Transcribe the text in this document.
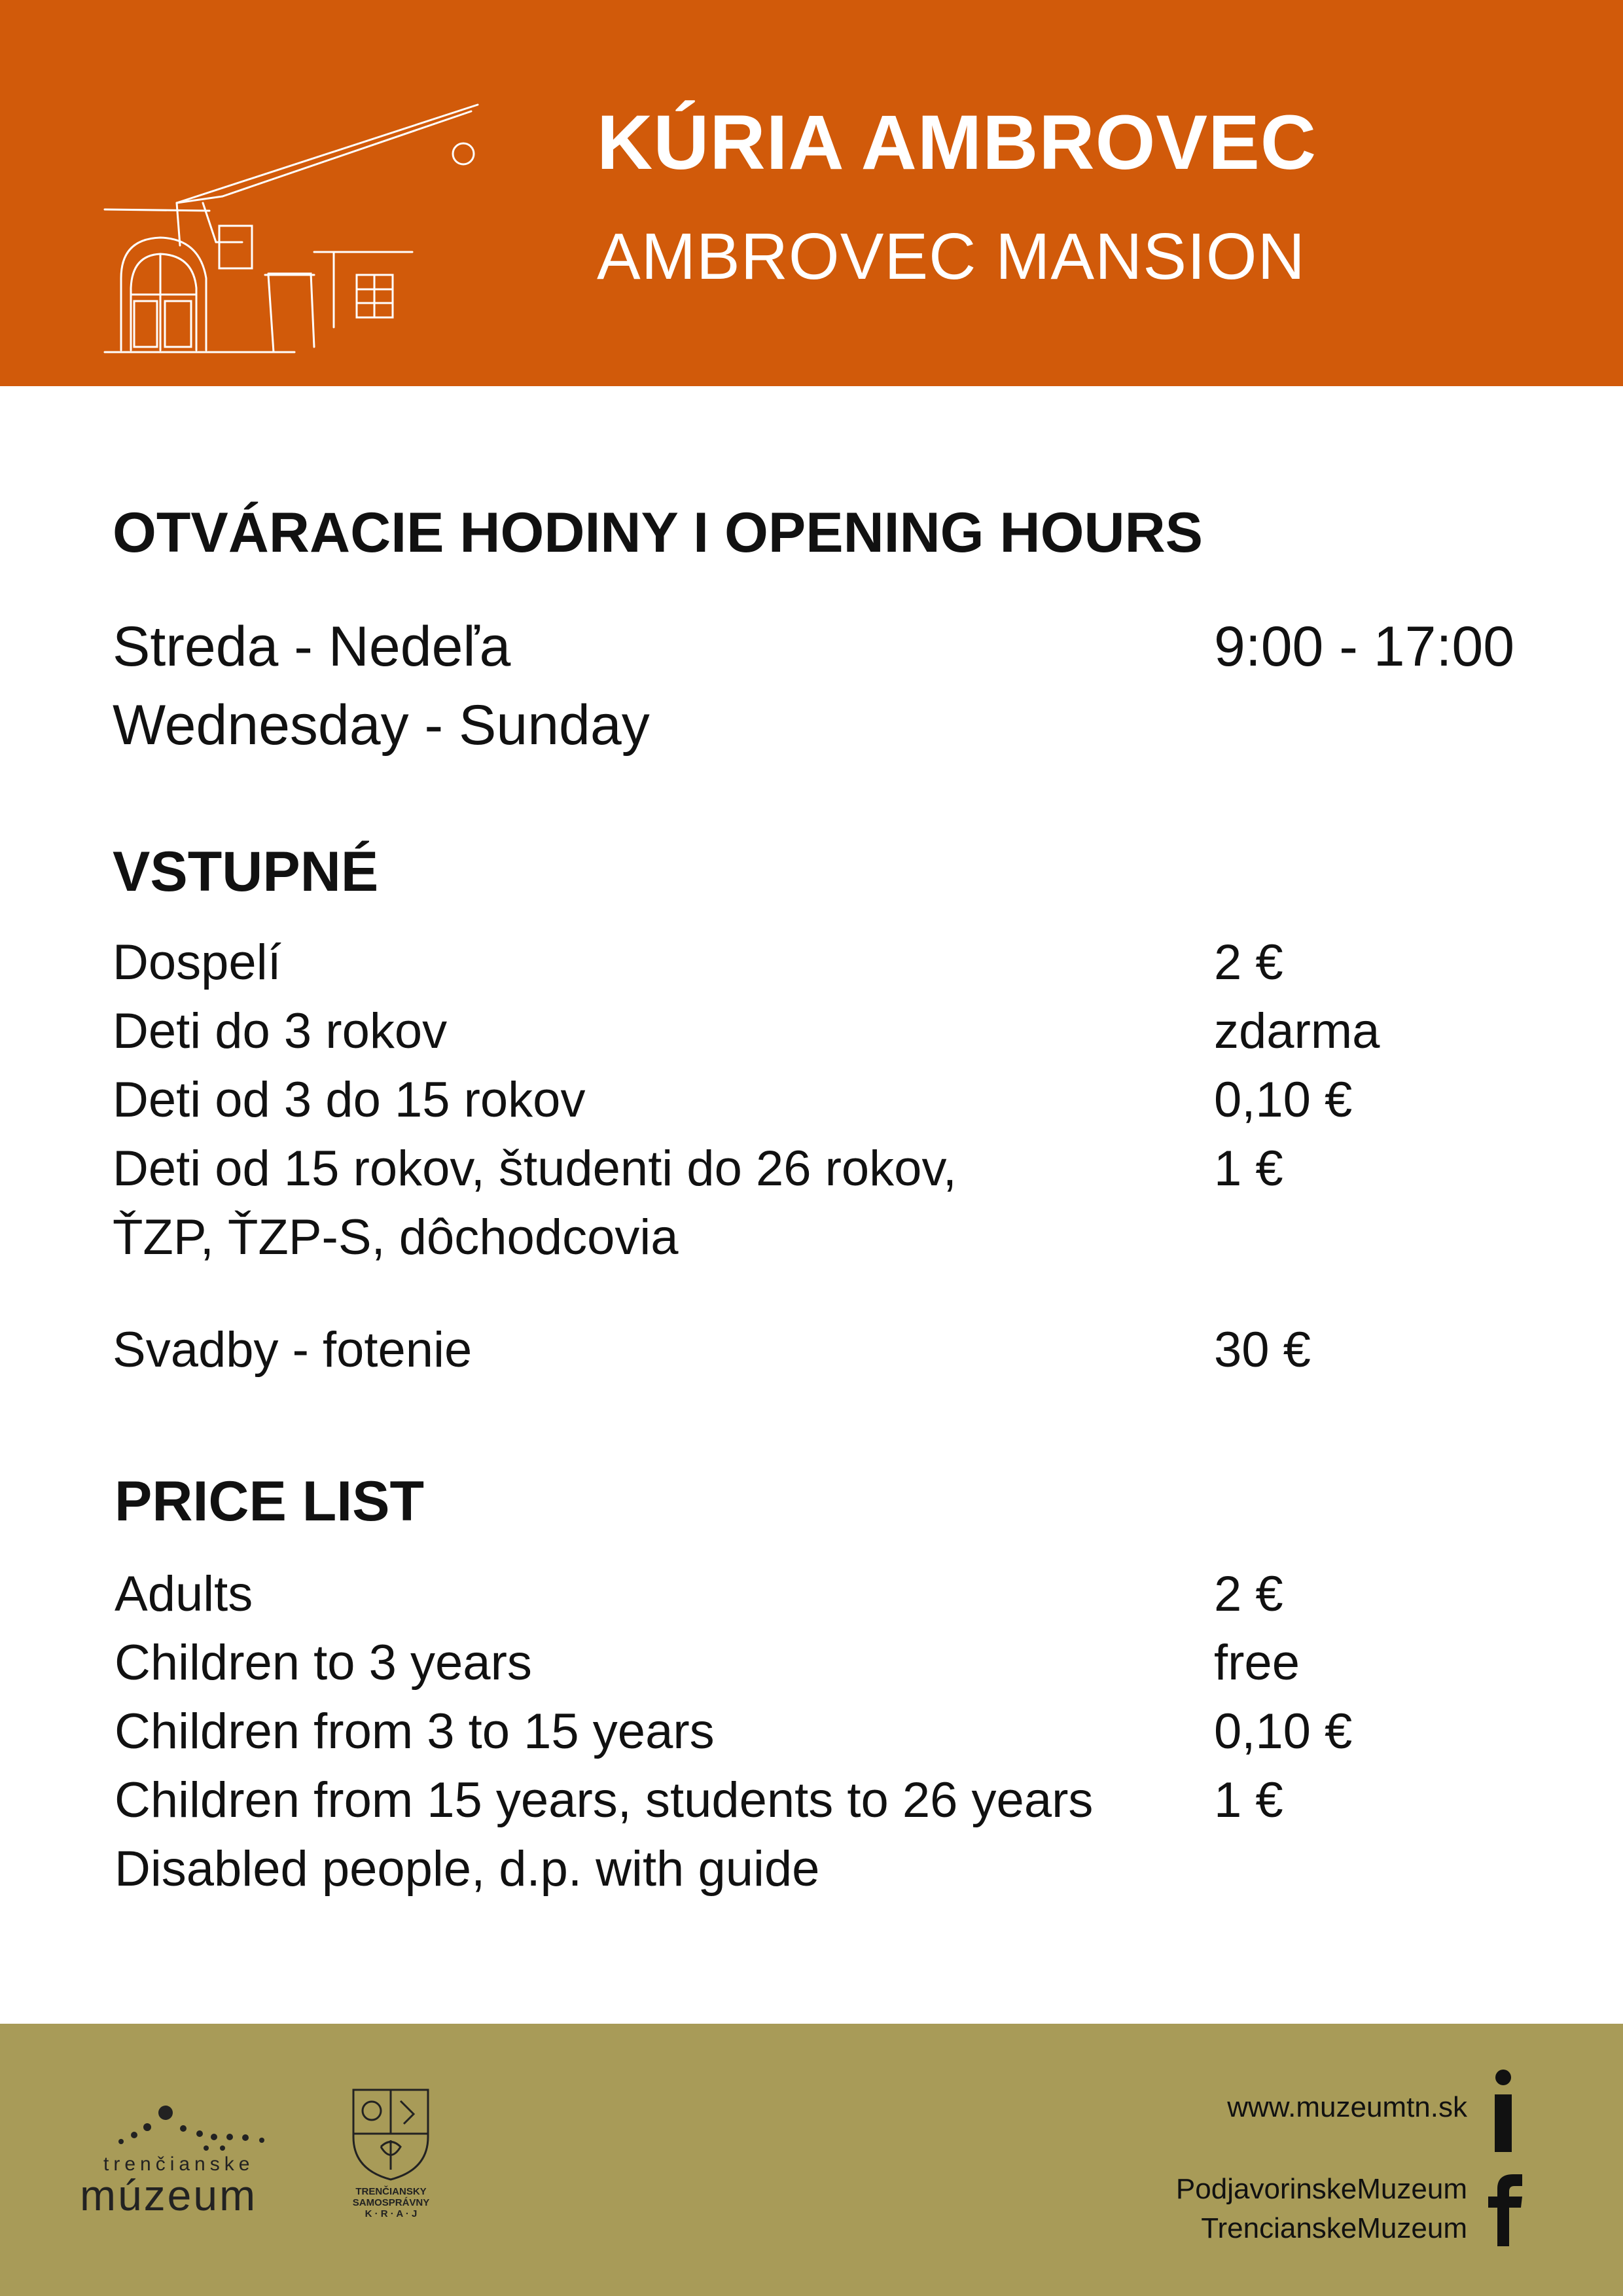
KÚRIA AMBROVEC
AMBROVEC MANSION
OTVÁRACIE HODINY I OPENING HOURS
Streda - Nedeľa
Wednesday - Sunday
9:00 - 17:00
VSTUPNÉ
Dospelí	2 €
Deti do 3 rokov	zdarma
Deti od 3 do 15 rokov	0,10 €
Deti od 15 rokov, študenti do 26 rokov,	1 €
ŤZP, ŤZP-S, dôchodcovia
Svadby - fotenie	30 €
PRICE LIST
Adults	2 €
Children to 3 years	free
Children from 3 to 15 years	0,10 €
Children from 15 years, students to 26 years 1 €
Disabled people, d.p. with guide
trenčianske
múzeum	TRENČIANSKY
SAMOSPRÁVNY
K · R · A · J
www.muzeumtn.sk
PodjavorinskeMuzeum
TrencianskeMuzeum
